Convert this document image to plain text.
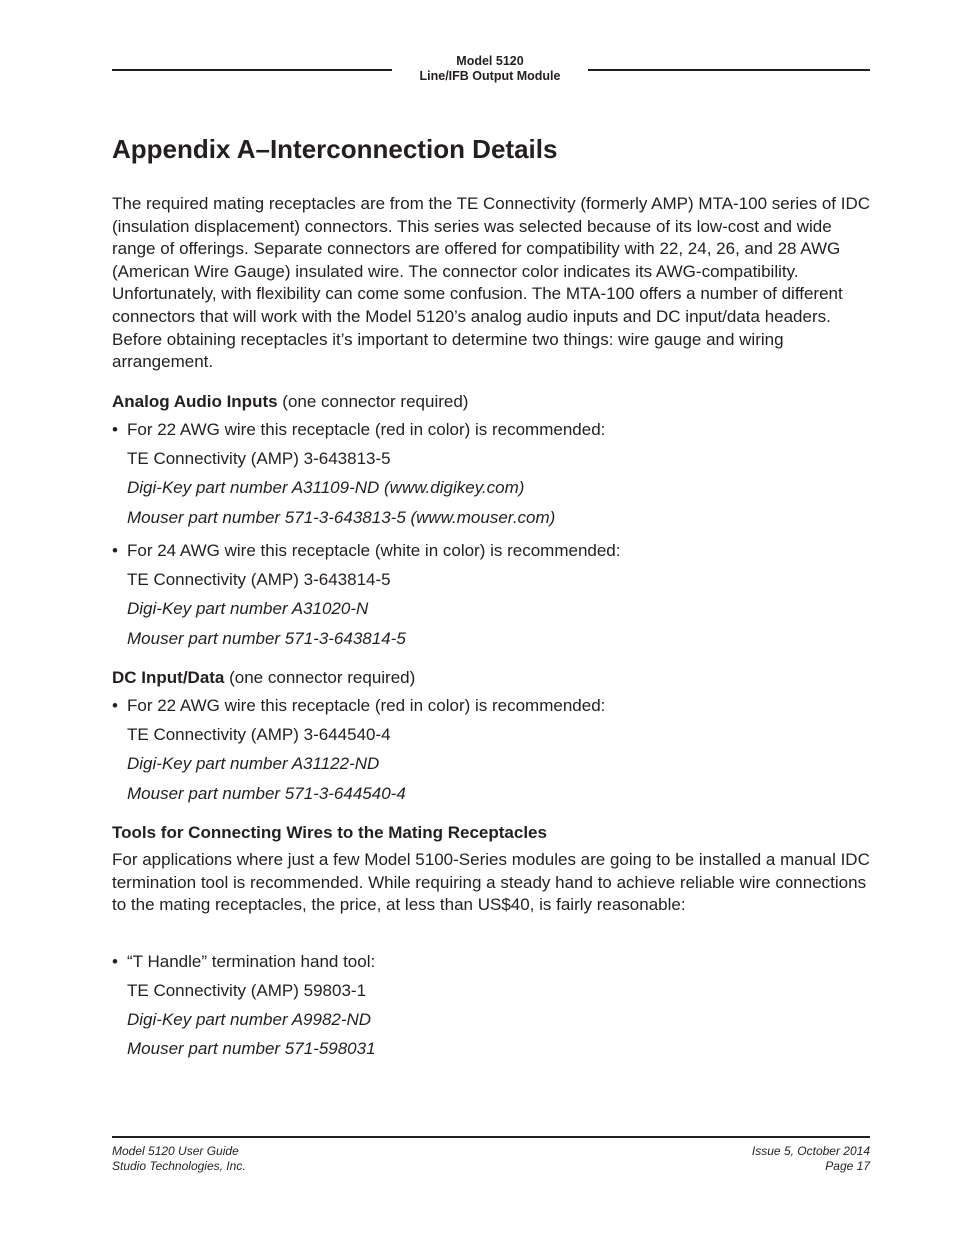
Model 5120
Line/IFB Output Module
Appendix A–Interconnection Details

The required mating receptacles are from the TE Connectivity (formerly AMP) MTA-100 series of IDC (insulation displacement) connectors. This series was selected because of its low-cost and wide range of offerings. Separate connectors are offered for compatibility with 22, 24, 26, and 28 AWG (American Wire Gauge) insulated wire. The connector color indicates its AWG-compatibility. Unfortunately, with flexibility can come some confusion. The MTA-100 offers a number of different connectors that will work with the Model 5120’s analog audio inputs and DC input/data headers. Before obtaining receptacles it’s important to determine two things: wire gauge and wiring arrangement.

Analog Audio Inputs (one connector required)
• For 22 AWG wire this receptacle (red in color) is recommended:
TE Connectivity (AMP) 3-643813-5
Digi-Key part number A31109-ND (www.digikey.com)
Mouser part number 571-3-643813-5 (www.mouser.com)
• For 24 AWG wire this receptacle (white in color) is recommended:
TE Connectivity (AMP) 3-643814-5
Digi-Key part number A31020-N
Mouser part number 571-3-643814-5
DC Input/Data (one connector required)
• For 22 AWG wire this receptacle (red in color) is recommended:
TE Connectivity (AMP) 3-644540-4
Digi-Key part number A31122-ND
Mouser part number 571-3-644540-4
Tools for Connecting Wires to the Mating Receptacles

For applications where just a few Model 5100-Series modules are going to be installed a manual IDC termination tool is recommended. While requiring a steady hand to achieve reliable wire connections to the mating receptacles, the price, at less than US$40, is fairly reasonable:

• “T Handle” termination hand tool:
TE Connectivity (AMP) 59803-1
Digi-Key part number A9982-ND
Mouser part number 571-598031
Model 5120 User Guide
Studio Technologies, Inc.
Issue 5, October 2014
Page 17
